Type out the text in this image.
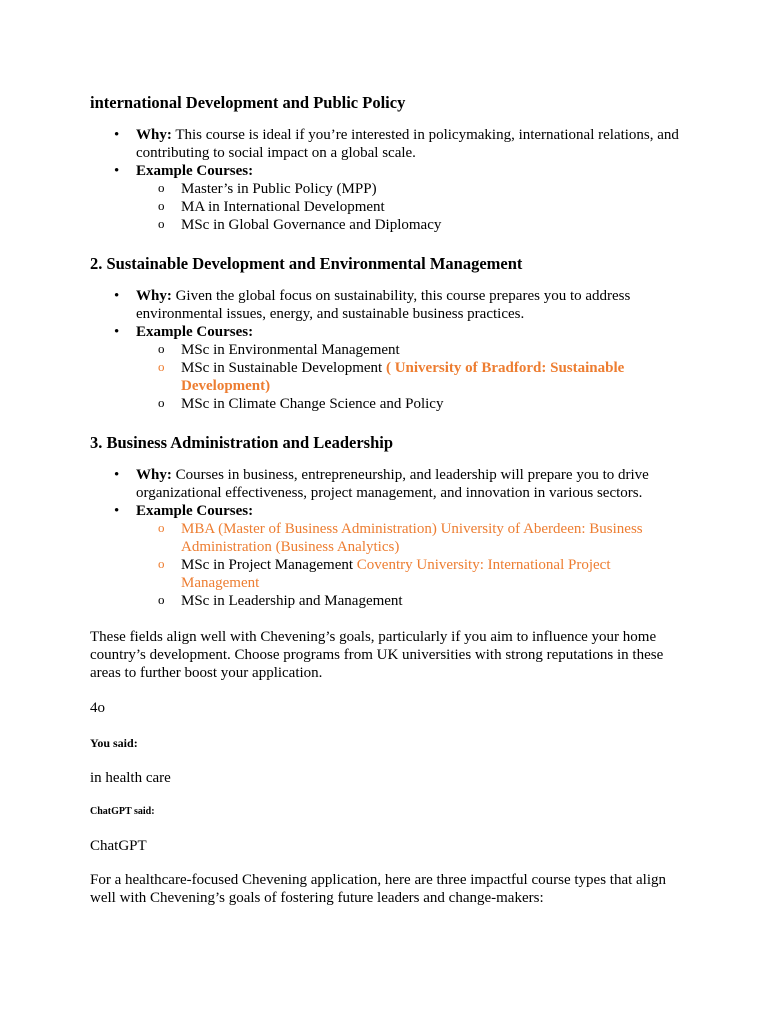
international Development and Public Policy
• Why: This course is ideal if you’re interested in policymaking, international relations, and contributing to social impact on a global scale.
• Example Courses:
o Master’s in Public Policy (MPP)
o MA in International Development
o MSc in Global Governance and Diplomacy
2. Sustainable Development and Environmental Management
• Why: Given the global focus on sustainability, this course prepares you to address environmental issues, energy, and sustainable business practices.
• Example Courses:
o MSc in Environmental Management
o MSc in Sustainable Development ( University of Bradford: Sustainable Development)
o MSc in Climate Change Science and Policy
3. Business Administration and Leadership
• Why: Courses in business, entrepreneurship, and leadership will prepare you to drive organizational effectiveness, project management, and innovation in various sectors.
• Example Courses:
o MBA (Master of Business Administration) University of Aberdeen: Business Administration (Business Analytics)
o MSc in Project Management Coventry University: International Project Management
o MSc in Leadership and Management

These fields align well with Chevening’s goals, particularly if you aim to influence your home country’s development. Choose programs from UK universities with strong reputations in these areas to further boost your application.

4o

You said:

in health care

ChatGPT said:

ChatGPT

For a healthcare-focused Chevening application, here are three impactful course types that align well with Chevening’s goals of fostering future leaders and change-makers:
